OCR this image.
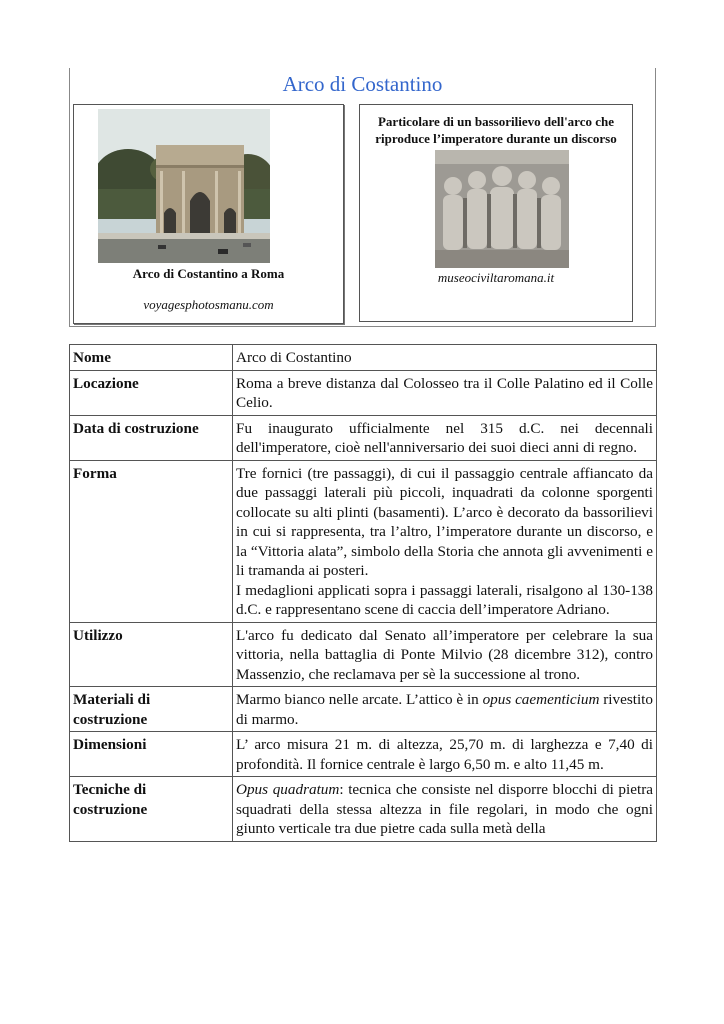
Arco di Costantino
Arco di Costantino a Roma
voyagesphotosmanu.com
Particolare di un bassorilievo dell'arco che
riproduce l’imperatore durante un discorso
museociviltaromana.it
Nome	Arco di Costantino
Locazione	Roma a breve distanza dal Colosseo tra il Colle Palatino ed il Colle Celio.
Data di costruzione	Fu inaugurato ufficialmente nel 315 d.C. nei decennali dell'imperatore, cioè nell'anniversario dei suoi dieci anni di regno.
Forma	Tre fornici (tre passaggi), di cui il passaggio centrale affiancato da due passaggi laterali più piccoli, inquadrati da colonne sporgenti collocate su alti plinti (basamenti). L’arco è decorato da bassorilievi in cui si rappresenta, tra l’altro, l’imperatore durante un discorso, e la “Vittoria alata”, simbolo della Storia che annota gli avvenimenti e li tramanda ai posteri.
I medaglioni applicati sopra i passaggi laterali, risalgono al 130-138 d.C. e rappresentano scene di caccia dell’imperatore Adriano.

Utilizzo	L'arco fu dedicato dal Senato all’imperatore per celebrare la sua vittoria, nella battaglia di Ponte Milvio (28 dicembre 312), contro Massenzio, che reclamava per sè la successione al trono.

Materiali di
costruzione	Marmo bianco nelle arcate. L’attico è in opus caementicium rivestito di marmo.
Dimensioni	L’ arco misura 21 m. di altezza, 25,70 m. di larghezza e 7,40 di profondità. Il fornice centrale è largo 6,50 m. e alto 11,45 m.

Tecniche di
costruzione	Opus quadratum: tecnica che consiste nel disporre blocchi di pietra squadrati della stessa altezza in file regolari, in modo che ogni giunto verticale tra due pietre cada sulla metà della
